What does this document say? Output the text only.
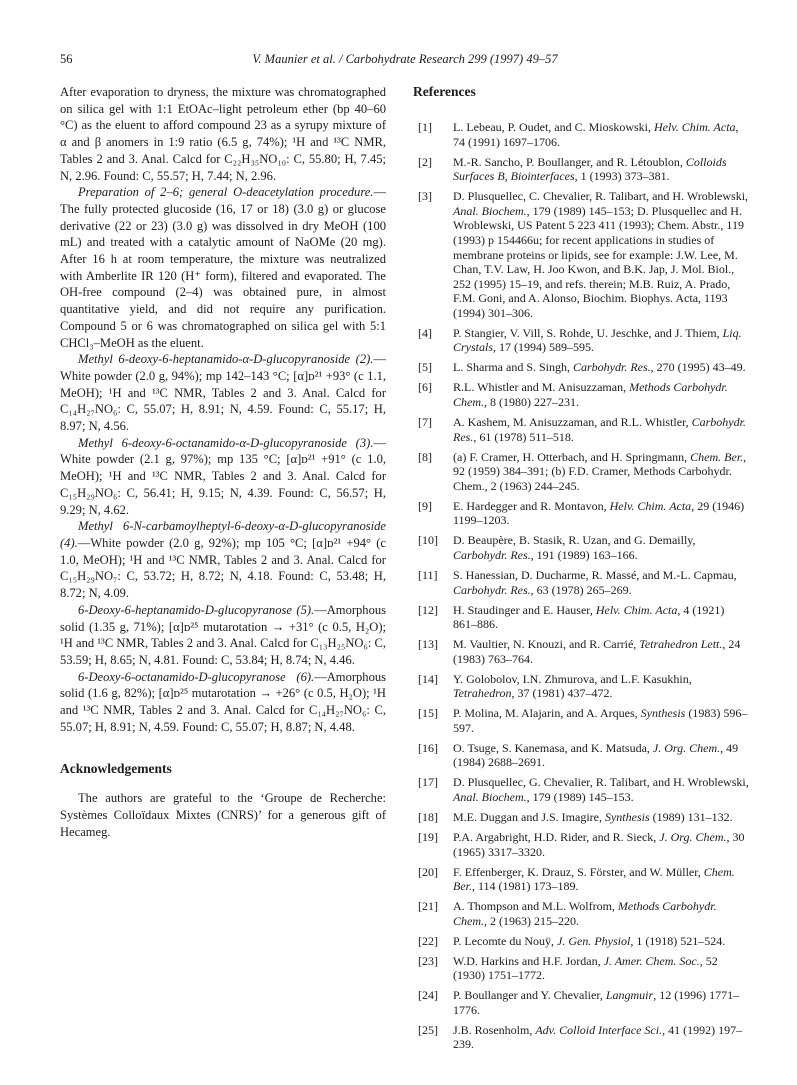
56	V. Maunier et al. / Carbohydrate Research 299 (1997) 49–57

After evaporation to dryness, the mixture was chromatographed on silica gel with 1:1 EtOAc–light petroleum ether (bp 40–60 °C) as the eluent to afford compound 23 as a syrupy mixture of α and β anomers in 1:9 ratio (6.5 g, 74%); ¹H and ¹³C NMR, Tables 2 and 3. Anal. Calcd for C₂₂H₃₅NO₁₀: C, 55.80; H, 7.45; N, 2.96. Found: C, 55.57; H, 7.44; N, 2.96.

Preparation of 2–6; general O-deacetylation procedure.—The fully protected glucoside (16, 17 or 18) (3.0 g) or glucose derivative (22 or 23) (3.0 g) was dissolved in dry MeOH (100 mL) and treated with a catalytic amount of NaOMe (20 mg). After 16 h at room temperature, the mixture was neutralized with Amberlite IR 120 (H⁺ form), filtered and evaporated. The OH-free compound (2–4) was obtained pure, in almost quantitative yield, and did not require any purification. Compound 5 or 6 was chromatographed on silica gel with 5:1 CHCl₃–MeOH as the eluent.

Methyl 6-deoxy-6-heptanamido-α-D-glucopyranoside (2).—White powder (2.0 g, 94%); mp 142–143 °C; [α]ᴅ²¹ +93° (c 1.1, MeOH); ¹H and ¹³C NMR, Tables 2 and 3. Anal. Calcd for C₁₄H₂₇NO₆: C, 55.07; H, 8.91; N, 4.59. Found: C, 55.17; H, 8.97; N, 4.56.

Methyl 6-deoxy-6-octanamido-α-D-glucopyranoside (3).—White powder (2.1 g, 97%); mp 135 °C; [α]ᴅ²¹ +91° (c 1.0, MeOH); ¹H and ¹³C NMR, Tables 2 and 3. Anal. Calcd for C₁₅H₂₉NO₆: C, 56.41; H, 9.15; N, 4.39. Found: C, 56.57; H, 9.29; N, 4.62.

Methyl 6-N-carbamoylheptyl-6-deoxy-α-D-glucopyranoside (4).—White powder (2.0 g, 92%); mp 105 °C; [α]ᴅ²¹ +94° (c 1.0, MeOH); ¹H and ¹³C NMR, Tables 2 and 3. Anal. Calcd for C₁₅H₂₉NO₇: C, 53.72; H, 8.72; N, 4.18. Found: C, 53.48; H, 8.72; N, 4.09.

6-Deoxy-6-heptanamido-D-glucopyranose (5).—Amorphous solid (1.35 g, 71%); [α]ᴅ²⁵ mutarotation → +31° (c 0.5, H₂O); ¹H and ¹³C NMR, Tables 2 and 3. Anal. Calcd for C₁₃H₂₅NO₆: C, 53.59; H, 8.65; N, 4.81. Found: C, 53.84; H, 8.74; N, 4.46.

6-Deoxy-6-octanamido-D-glucopyranose (6).—Amorphous solid (1.6 g, 82%); [α]ᴅ²⁵ mutarotation → +26° (c 0.5, H₂O); ¹H and ¹³C NMR, Tables 2 and 3. Anal. Calcd for C₁₄H₂₇NO₆: C, 55.07; H, 8.91; N, 4.59. Found: C, 55.07; H, 8.87; N, 4.48.

Acknowledgements

The authors are grateful to the ‘Groupe de Recherche: Systèmes Colloïdaux Mixtes (CNRS)’ for a generous gift of Hecameg.

References
[1] L. Lebeau, P. Oudet, and C. Mioskowski, Helv. Chim. Acta, 74 (1991) 1697–1706.
[2] M.-R. Sancho, P. Boullanger, and R. Létoublon, Colloids Surfaces B, Biointerfaces, 1 (1993) 373–381.
[3] D. Plusquellec, C. Chevalier, R. Talibart, and H. Wroblewski, Anal. Biochem., 179 (1989) 145–153; D. Plusquellec and H. Wroblewski, US Patent 5 223 411 (1993); Chem. Abstr., 119 (1993) p 154466u; for recent applications in studies of membrane proteins or lipids, see for example: J.W. Lee, M. Chan, T.V. Law, H. Joo Kwon, and B.K. Jap, J. Mol. Biol., 252 (1995) 15–19, and refs. therein; M.B. Ruiz, A. Prado, F.M. Goni, and A. Alonso, Biochim. Biophys. Acta, 1193 (1994) 301–306.
[4] P. Stangier, V. Vill, S. Rohde, U. Jeschke, and J. Thiem, Liq. Crystals, 17 (1994) 589–595.
[5] L. Sharma and S. Singh, Carbohydr. Res., 270 (1995) 43–49.
[6] R.L. Whistler and M. Anisuzzaman, Methods Carbohydr. Chem., 8 (1980) 227–231.
[7] A. Kashem, M. Anisuzzaman, and R.L. Whistler, Carbohydr. Res., 61 (1978) 511–518.
[8] (a) F. Cramer, H. Otterbach, and H. Springmann, Chem. Ber., 92 (1959) 384–391; (b) F.D. Cramer, Methods Carbohydr. Chem., 2 (1963) 244–245.
[9] E. Hardegger and R. Montavon, Helv. Chim. Acta, 29 (1946) 1199–1203.
[10] D. Beaupère, B. Stasik, R. Uzan, and G. Demailly, Carbohydr. Res., 191 (1989) 163–166.
[11] S. Hanessian, D. Ducharme, R. Massé, and M.-L. Capmau, Carbohydr. Res., 63 (1978) 265–269.
[12] H. Staudinger and E. Hauser, Helv. Chim. Acta, 4 (1921) 861–886.
[13] M. Vaultier, N. Knouzi, and R. Carrié, Tetrahedron Lett., 24 (1983) 763–764.
[14] Y. Golobolov, I.N. Zhmurova, and L.F. Kasukhin, Tetrahedron, 37 (1981) 437–472.
[15] P. Molina, M. Alajarin, and A. Arques, Synthesis (1983) 596–597.
[16] O. Tsuge, S. Kanemasa, and K. Matsuda, J. Org. Chem., 49 (1984) 2688–2691.
[17] D. Plusquellec, G. Chevalier, R. Talibart, and H. Wroblewski, Anal. Biochem., 179 (1989) 145–153.
[18] M.E. Duggan and J.S. Imagire, Synthesis (1989) 131–132.
[19] P.A. Argabright, H.D. Rider, and R. Sieck, J. Org. Chem., 30 (1965) 3317–3320.
[20] F. Effenberger, K. Drauz, S. Förster, and W. Müller, Chem. Ber., 114 (1981) 173–189.
[21] A. Thompson and M.L. Wolfrom, Methods Carbohydr. Chem., 2 (1963) 215–220.
[22] P. Lecomte du Nouÿ, J. Gen. Physiol, 1 (1918) 521–524.
[23] W.D. Harkins and H.F. Jordan, J. Amer. Chem. Soc., 52 (1930) 1751–1772.
[24] P. Boullanger and Y. Chevalier, Langmuir, 12 (1996) 1771–1776.
[25] J.B. Rosenholm, Adv. Colloid Interface Sci., 41 (1992) 197–239.
